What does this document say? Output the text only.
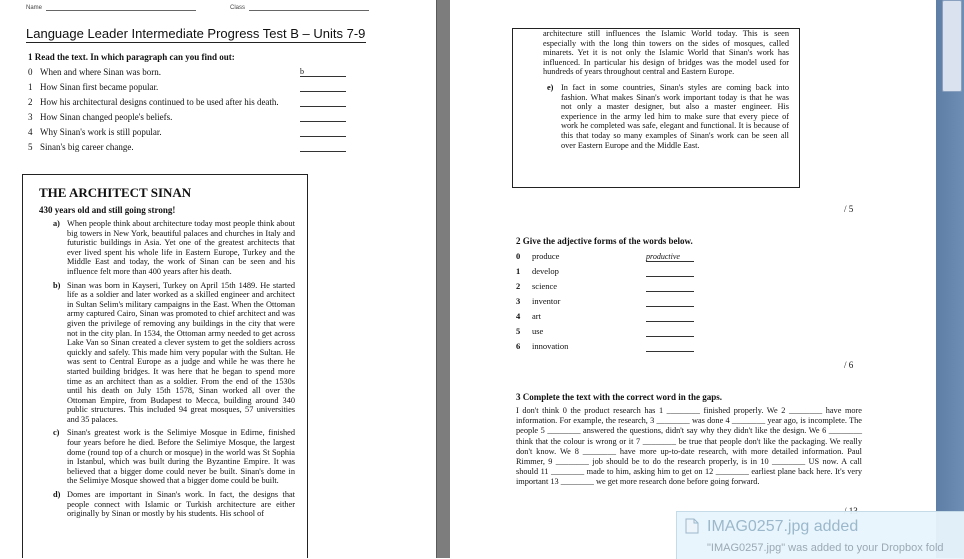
Name	Class
Language Leader Intermediate Progress Test B – Units 7-9
1 Read the text. In which paragraph can you find out:
0 When and where Sinan was born.	b
1 How Sinan first became popular.
2 How his architectural designs continued to be used after his death.
3 How Sinan changed people's beliefs.
4 Why Sinan's work is still popular.
5 Sinan's big career change.
THE ARCHITECT SINAN
430 years old and still going strong!
a) When people think about architecture today most people think about big towers in New York, beautiful palaces and churches in Italy and futuristic buildings in Asia. Yet one of the greatest architects that ever lived spent his whole life in Eastern Europe, Turkey and the Middle East and today, the work of Sinan can be seen and his influence felt more than 400 years after his death.
b) Sinan was born in Kayseri, Turkey on April 15th 1489. He started life as a soldier and later worked as a skilled engineer and architect in Sultan Selim's military campaigns in the East. When the Ottoman army captured Cairo, Sinan was promoted to chief architect and was given the privilege of removing any buildings in the city that were not in the city plan. In 1534, the Ottoman army needed to get across Lake Van so Sinan created a clever system to get the soldiers across quickly and safely. This made him very popular with the Sultan. He was sent to Central Europe as a judge and while he was there he started building bridges. It was here that he began to spend more time as an architect than as a soldier. From the end of the 1530s until his death on July 15th 1578, Sinan worked all over the Ottoman Empire, from Budapest to Mecca, building around 340 public structures. This included 94 great mosques, 57 universities and 35 palaces.
c) Sinan's greatest work is the Selimiye Mosque in Edirne, finished four years before he died. Before the Selimiye Mosque, the largest dome (round top of a church or mosque) in the world was St Sophia in Istanbul, which was built during the Byzantine Empire. It was believed that a bigger dome could never be built. Sinan's dome in the Selimiye Mosque showed that a bigger dome could be built.
d) Domes are important in Sinan's work. In fact, the designs that people connect with Islamic or Turkish architecture are either originally by Sinan or mostly by his students. His school of
architecture still influences the Islamic World today. This is seen especially with the long thin towers on the sides of mosques, called minarets. Yet it is not only the Islamic World that Sinan's work has influenced. In particular his design of bridges was the model used for hundreds of years throughout central and Eastern Europe.
e) In fact in some countries, Sinan's styles are coming back into fashion. What makes Sinan's work important today is that he was not only a master designer, but also a master engineer. His experience in the army led him to make sure that every piece of work he completed was safe, elegant and functional. It is because of this that today so many examples of Sinan's work can be seen all over Eastern Europe and the Middle East.
/ 5
2 Give the adjective forms of the words below.
0 produce	productive
1 develop
2 science
3 inventor
4 art
5 use
6 innovation
/ 6
3 Complete the text with the correct word in the gaps.
I don't think 0 the product research has 1 ________ finished properly. We 2 ________ have more information. For example, the research, 3 ________ was done 4 ________ year ago, is incomplete. The people 5 ________ answered the questions, didn't say why they didn't like the design. We 6 ________ think that the colour is wrong or it 7 ________ be true that people don't like the packaging. We really don't know. We 8 ________ have more up-to-date research, with more detailed information. Paul Rimmer, 9 ________ job should be to do the research properly, is in 10 ________ US now. A call should 11 ________ made to him, asking him to get on 12 ________ earliest plane back here. It's very important 13 ________ we get more research done before going forward.
IMAG0257.jpg added
"IMAG0257.jpg" was added to your Dropbox fold
